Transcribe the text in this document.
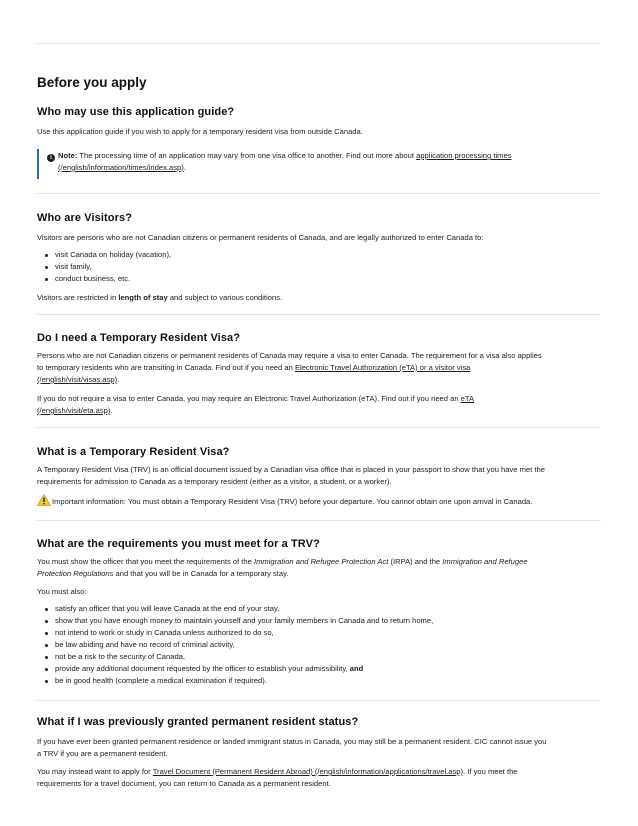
Before you apply
Who may use this application guide?

Use this application guide if you wish to apply for a temporary resident visa from outside Canada.

i Note: The processing time of an application may vary from one visa office to another. Find out more about application processing times

(/english/information/times/index.asp).

Who are Visitors?

Visitors are persons who are not Canadian citizens or permanent residents of Canada, and are legally authorized to enter Canada to:

visit Canada on holiday (vacation),
visit family,
conduct business, etc.

Visitors are restricted in length of stay and subject to various conditions.

Do I need a Temporary Resident Visa?

Persons who are not Canadian citizens or permanent residents of Canada may require a visa to enter Canada. The requirement for a visa also applies

to temporary residents who are transiting in Canada. Find out if you need an Electronic Travel Authorization (eTA) or a visitor visa

(/english/visit/visas.asp).

If you do not require a visa to enter Canada, you may require an Electronic Travel Authorization (eTA). Find out if you need an eTA

(/english/visit/eta.asp).

What is a Temporary Resident Visa?

A Temporary Resident Visa (TRV) is an official document issued by a Canadian visa office that is placed in your passport to show that you have met the

requirements for admission to Canada as a temporary resident (either as a visitor, a student, or a worker).

Important information: You must obtain a Temporary Resident Visa (TRV) before your departure. You cannot obtain one upon arrival in Canada.

What are the requirements you must meet for a TRV?

You must show the officer that you meet the requirements of the Immigration and Refugee Protection Act (IRPA) and the Immigration and Refugee

Protection Regulations and that you will be in Canada for a temporary stay.

You must also:

satisfy an officer that you will leave Canada at the end of your stay,
show that you have enough money to maintain yourself and your family members in Canada and to return home,
not intend to work or study in Canada unless authorized to do so,
be law abiding and have no record of criminal activity,
not be a risk to the security of Canada,
provide any additional document requested by the officer to establish your admissibility, and
be in good health (complete a medical examination if required).
What if I was previously granted permanent resident status?

If you have ever been granted permanent residence or landed immigrant status in Canada, you may still be a permanent resident. CIC cannot issue you

a TRV if you are a permanent resident.

You may instead want to apply for Travel Document (Permanent Resident Abroad) (/english/information/applications/travel.asp). If you meet the

requirements for a travel document, you can return to Canada as a permanent resident.
